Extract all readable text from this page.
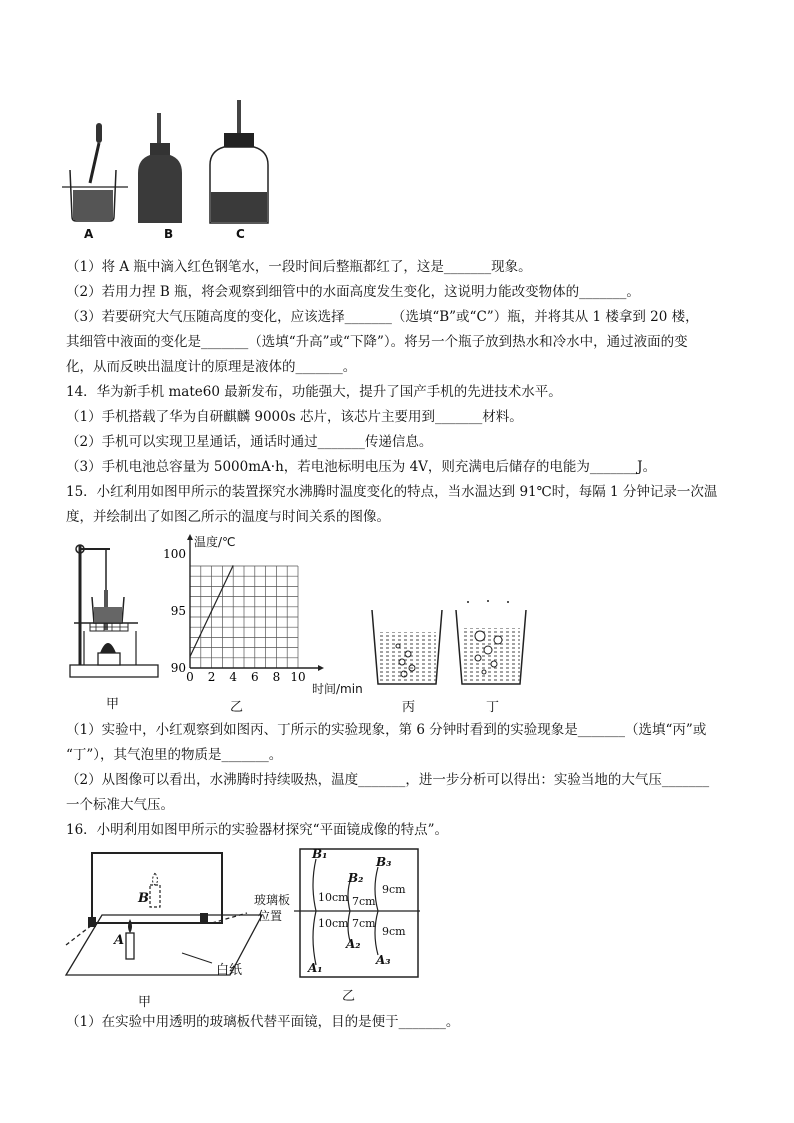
A	B	C
（1）将 A 瓶中滴入红色钢笔水，一段时间后整瓶都红了，这是_______现象。
（2）若用力捏 B 瓶，将会观察到细管中的水面高度发生变化，这说明力能改变物体的_______。
（3）若要研究大气压随高度的变化，应该选择_______（选填“B”或“C”）瓶，并将其从 1 楼拿到 20 楼，
其细管中液面的变化是_______（选填“升高”或“下降”）。将另一个瓶子放到热水和冷水中，通过液面的变
化，从而反映出温度计的原理是液体的_______。
14．华为新手机 mate60 最新发布，功能强大，提升了国产手机的先进技术水平。
（1）手机搭载了华为自研麒麟 9000s 芯片，该芯片主要用到_______材料。
（2）手机可以实现卫星通话，通话时通过_______传递信息。
（3）手机电池总容量为 5000mA·h，若电池标明电压为 4V，则充满电后储存的电能为_______J。
15．小红利用如图甲所示的装置探究水沸腾时温度变化的特点，当水温达到 91℃时，每隔 1 分钟记录一次温
度，并绘制出了如图乙所示的温度与时间关系的图像。
甲
0 2 4 6 8 10
90
95
100
温度/℃
时间/min
乙	丙	丁
（1）实验中，小红观察到如图丙、丁所示的实验现象，第 6 分钟时看到的实验现象是_______（选填“丙”或
“丁”），其气泡里的物质是_______。
（2）从图像可以看出，水沸腾时持续吸热，温度_______，进一步分析可以得出：实验当地的大气压_______
一个标准大气压。
16．小明利用如图甲所示的实验器材探究“平面镜成像的特点”。
B
A
白纸
甲
玻璃板
位置
B₁
B₂
B₃
A₁
A₂
A₃
10cm 7cm
9cm
10cm 7cm
9cm
乙
（1）在实验中用透明的玻璃板代替平面镜，目的是便于_______。
